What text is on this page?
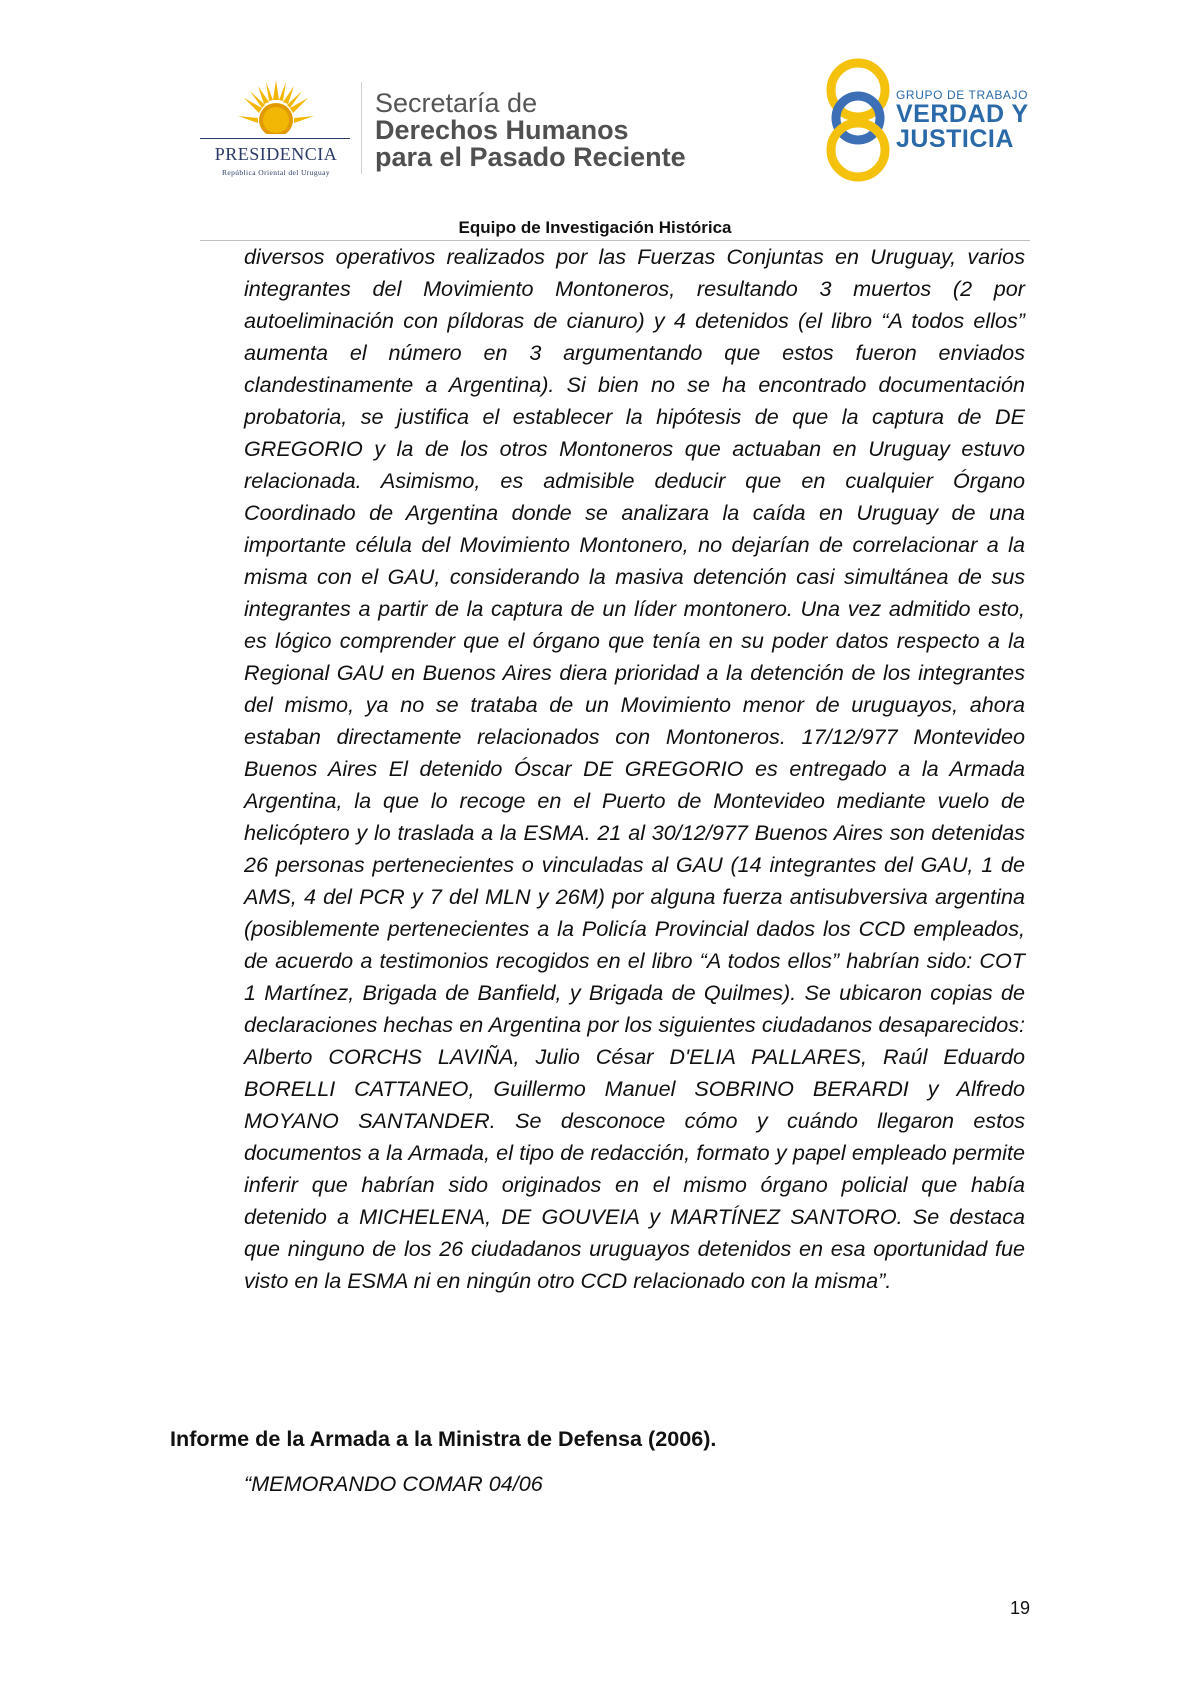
PRESIDENCIA
República Oriental del Uruguay
Secretaría de
Derechos Humanos
para el Pasado Reciente
GRUPO DE TRABAJO
VERDAD Y
JUSTICIA
Equipo de Investigación Histórica

diversos operativos realizados por las Fuerzas Conjuntas en Uruguay, varios integrantes del Movimiento Montoneros, resultando 3 muertos (2 por autoeliminación con píldoras de cianuro) y 4 detenidos (el libro “A todos ellos” aumenta el número en 3 argumentando que estos fueron enviados clandestinamente a Argentina). Si bien no se ha encontrado documentación probatoria, se justifica el establecer la hipótesis de que la captura de DE GREGORIO y la de los otros Montoneros que actuaban en Uruguay estuvo relacionada. Asimismo, es admisible deducir que en cualquier Órgano Coordinado de Argentina donde se analizara la caída en Uruguay de una importante célula del Movimiento Montonero, no dejarían de correlacionar a la misma con el GAU, considerando la masiva detención casi simultánea de sus integrantes a partir de la captura de un líder montonero. Una vez admitido esto, es lógico comprender que el órgano que tenía en su poder datos respecto a la Regional GAU en Buenos Aires diera prioridad a la detención de los integrantes del mismo, ya no se trataba de un Movimiento menor de uruguayos, ahora estaban directamente relacionados con Montoneros. 17/12/977 Montevideo Buenos Aires El detenido Óscar DE GREGORIO es entregado a la Armada Argentina, la que lo recoge en el Puerto de Montevideo mediante vuelo de helicóptero y lo traslada a la ESMA. 21 al 30/12/977 Buenos Aires son detenidas 26 personas pertenecientes o vinculadas al GAU (14 integrantes del GAU, 1 de AMS, 4 del PCR y 7 del MLN y 26M) por alguna fuerza antisubversiva argentina (posiblemente pertenecientes a la Policía Provincial dados los CCD empleados, de acuerdo a testimonios recogidos en el libro “A todos ellos” habrían sido: COT 1 Martínez, Brigada de Banfield, y Brigada de Quilmes). Se ubicaron copias de declaraciones hechas en Argentina por los siguientes ciudadanos desaparecidos: Alberto CORCHS LAVIÑA, Julio César D'ELIA PALLARES, Raúl Eduardo BORELLI CATTANEO, Guillermo Manuel SOBRINO BERARDI y Alfredo MOYANO SANTANDER. Se desconoce cómo y cuándo llegaron estos documentos a la Armada, el tipo de redacción, formato y papel empleado permite inferir que habrían sido originados en el mismo órgano policial que había detenido a MICHELENA, DE GOUVEIA y MARTÍNEZ SANTORO. Se destaca que ninguno de los 26 ciudadanos uruguayos detenidos en esa oportunidad fue visto en la ESMA ni en ningún otro CCD relacionado con la misma”.

Informe de la Armada a la Ministra de Defensa (2006).

“MEMORANDO COMAR 04/06

19
